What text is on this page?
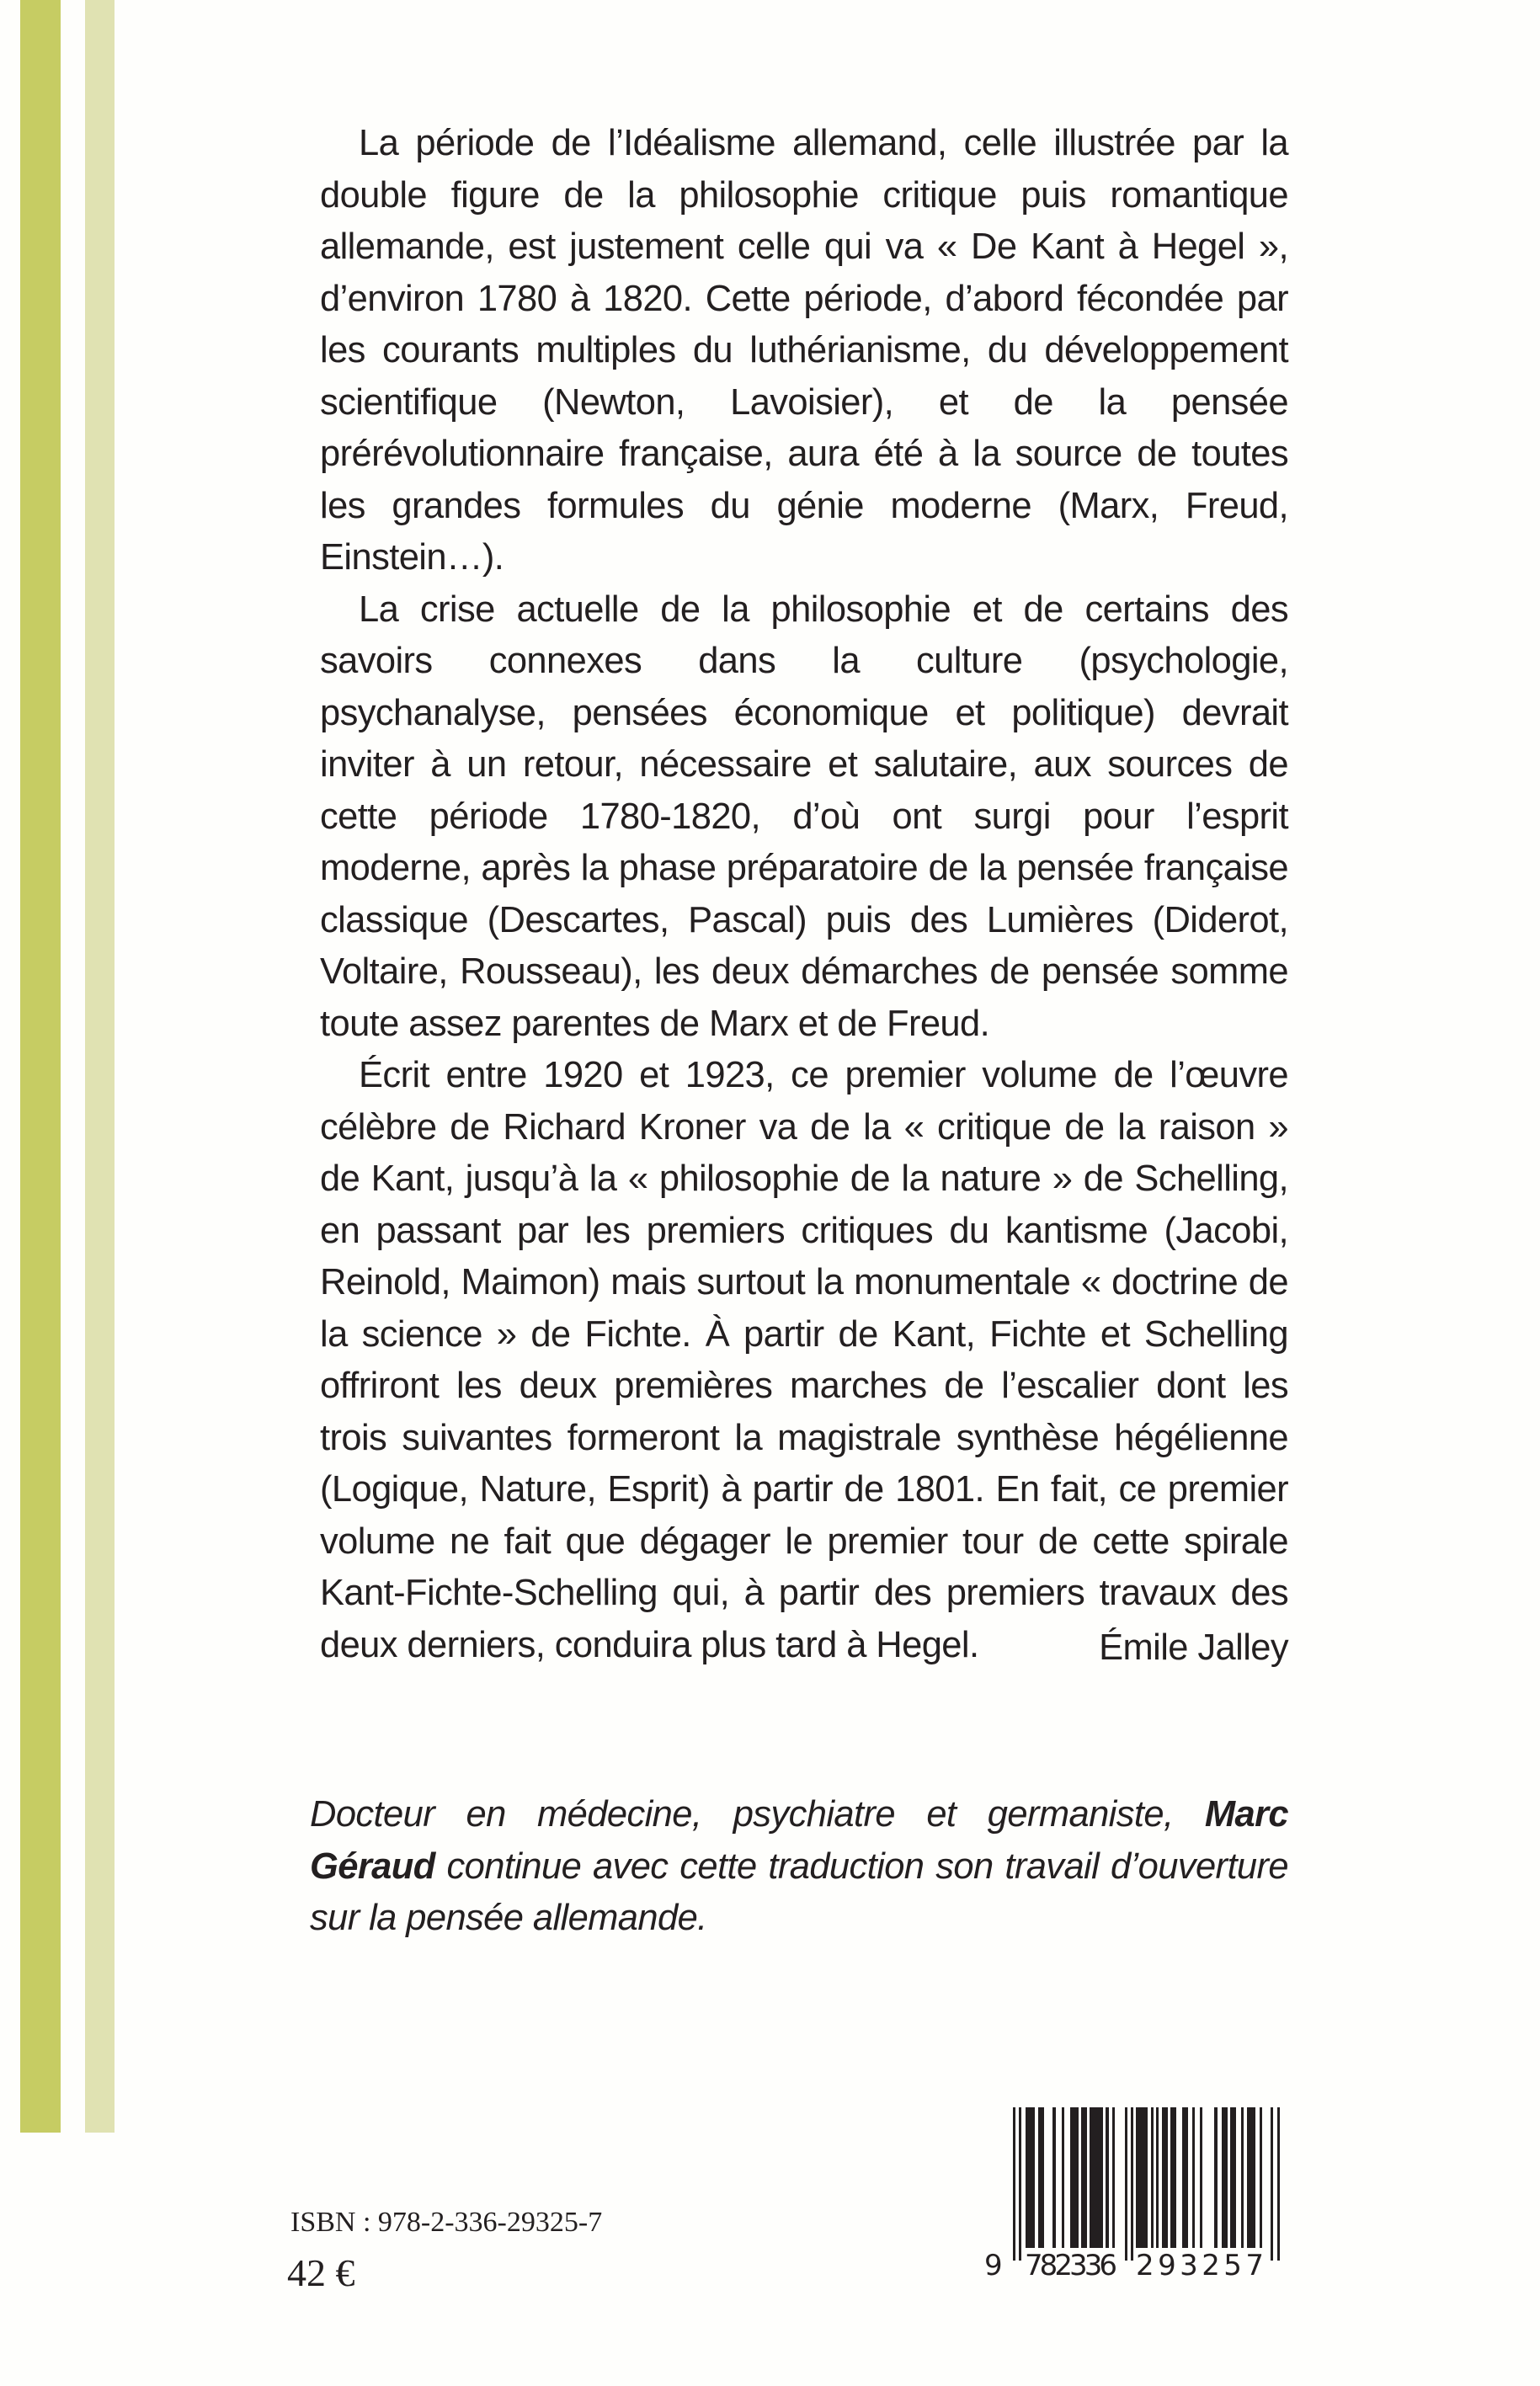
La période de l’Idéalisme allemand, celle illustrée par la double figure de la philosophie critique puis romantique allemande, est justement celle qui va « De Kant à Hegel », d’environ 1780 à 1820. Cette période, d’abord fécondée par les courants multiples du luthérianisme, du développement scientifique (Newton, Lavoisier), et de la pensée prérévolutionnaire française, aura été à la source de toutes les grandes formules du génie moderne (Marx, Freud, Einstein…).

La crise actuelle de la philosophie et de certains des savoirs connexes dans la culture (psychologie, psychanalyse, pensées économique et politique) devrait inviter à un retour, nécessaire et salutaire, aux sources de cette période 1780-1820, d’où ont surgi pour l’esprit moderne, après la phase préparatoire de la pensée française classique (Descartes, Pascal) puis des Lumières (Diderot, Voltaire, Rousseau), les deux démarches de pensée somme toute assez parentes de Marx et de Freud.

Écrit entre 1920 et 1923, ce premier volume de l’œuvre célèbre de Richard Kroner va de la « critique de la raison » de Kant, jusqu’à la « philosophie de la nature » de Schelling, en passant par les premiers critiques du kantisme (Jacobi, Reinold, Maimon) mais surtout la monumentale « doctrine de la science » de Fichte. À partir de Kant, Fichte et Schelling offriront les deux premières marches de l’escalier dont les trois suivantes formeront la magistrale synthèse hégélienne (Logique, Nature, Esprit) à partir de 1801. En fait, ce premier volume ne fait que dégager le premier tour de cette spirale Kant-Fichte-Schelling qui, à partir des premiers travaux des deux derniers, conduira plus tard à Hegel.	Émile Jalley
Docteur en médecine, psychiatre et germaniste, Marc Géraud continue avec cette traduction son travail d’ouverture sur la pensée allemande.
ISBN : 978-2-336-29325-7
42 €	9 782336 293257
